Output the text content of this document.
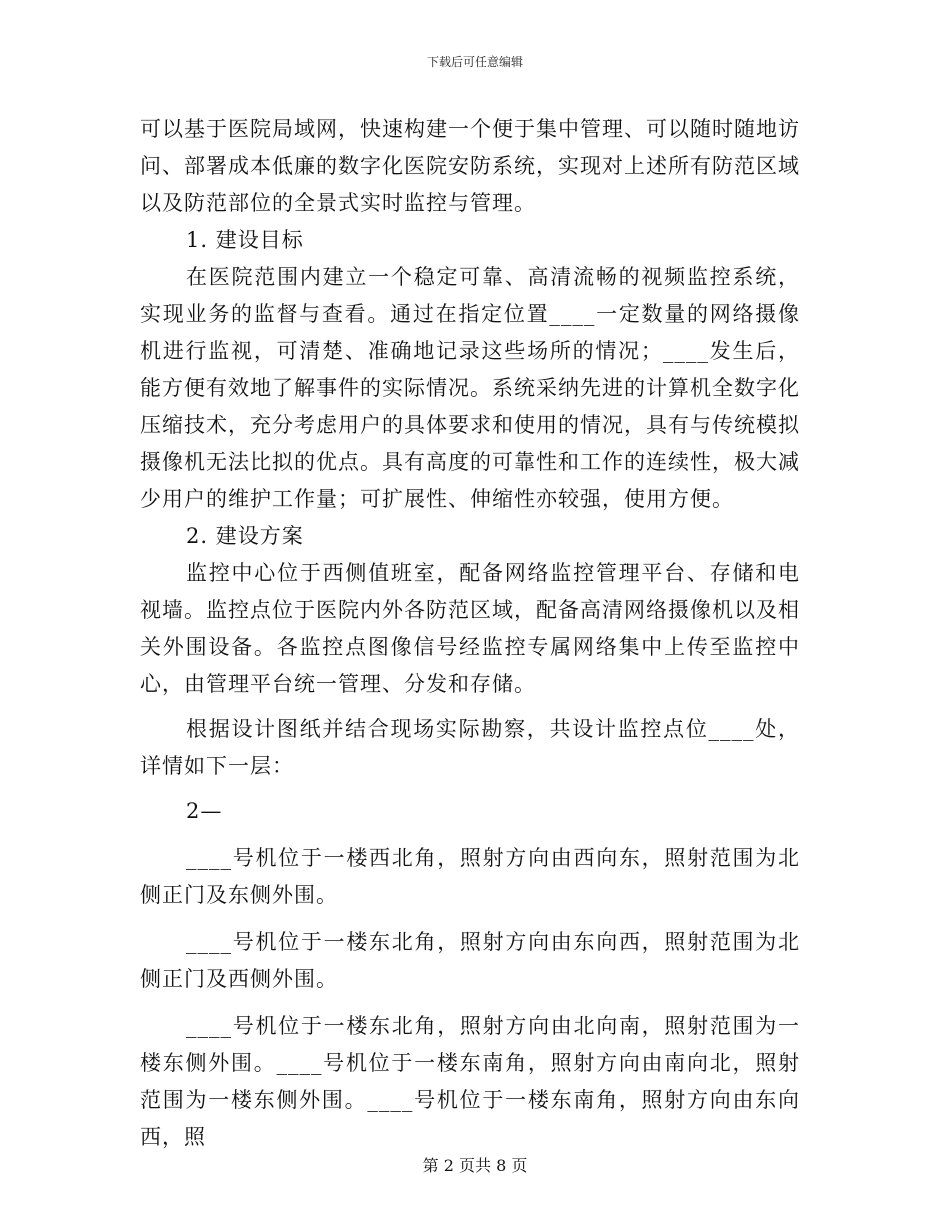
下载后可任意编辑

可以基于医院局域网，快速构建一个便于集中管理、可以随时随地访问、部署成本低廉的数字化医院安防系统，实现对上述所有防范区域以及防范部位的全景式实时监控与管理。

1. 建设目标

在医院范围内建立一个稳定可靠、高清流畅的视频监控系统，实现业务的监督与查看。通过在指定位置____一定数量的网络摄像机进行监视，可清楚、准确地记录这些场所的情况；____发生后，能方便有效地了解事件的实际情况。系统采纳先进的计算机全数字化压缩技术，充分考虑用户的具体要求和使用的情况，具有与传统模拟摄像机无法比拟的优点。具有高度的可靠性和工作的连续性，极大减少用户的维护工作量；可扩展性、伸缩性亦较强，使用方便。

2. 建设方案

监控中心位于西侧值班室，配备网络监控管理平台、存储和电视墙。监控点位于医院内外各防范区域，配备高清网络摄像机以及相关外围设备。各监控点图像信号经监控专属网络集中上传至监控中心，由管理平台统一管理、分发和存储。

根据设计图纸并结合现场实际勘察，共设计监控点位____处，详情如下一层：

2—

____号机位于一楼西北角，照射方向由西向东，照射范围为北侧正门及东侧外围。

____号机位于一楼东北角，照射方向由东向西，照射范围为北侧正门及西侧外围。

____号机位于一楼东北角，照射方向由北向南，照射范围为一楼东侧外围。____号机位于一楼东南角，照射方向由南向北，照射范围为一楼东侧外围。____号机位于一楼东南角，照射方向由东向西，照

第 2 页共 8 页
